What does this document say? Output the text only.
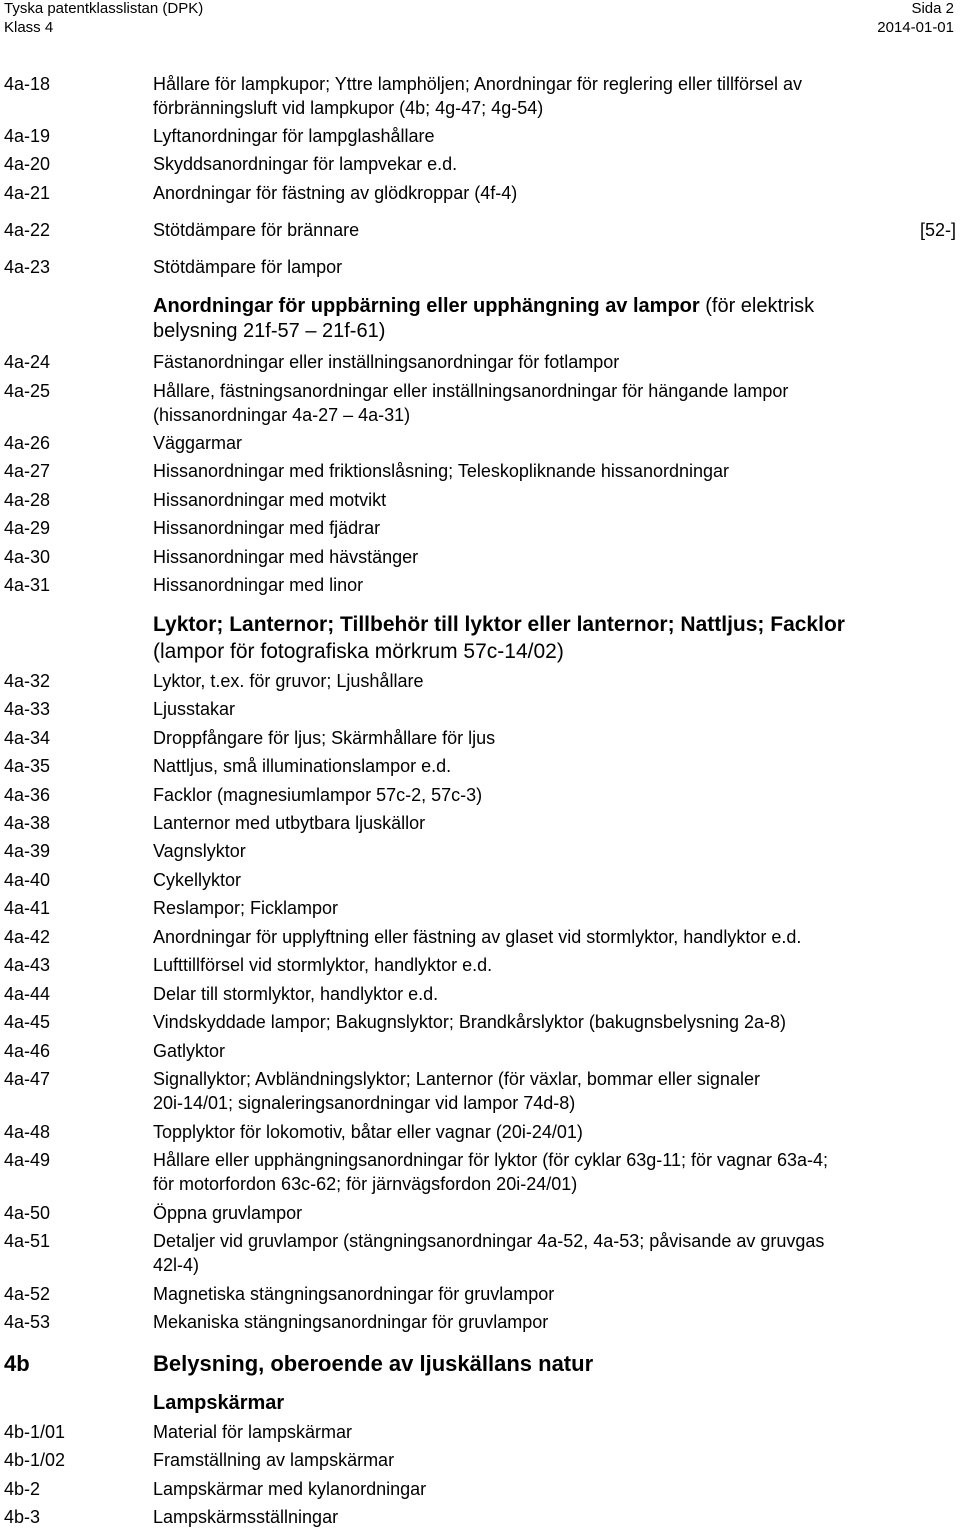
Tyska patentklasslistan (DPK)	Sida 2
Klass 4	2014-01-01
4a-18	Hållare för lampkupor; Yttre lamphöljen; Anordningar för reglering eller tillförsel av
förbränningsluft vid lampkupor (4b; 4g-47; 4g-54)
4a-19	Lyftanordningar för lampglashållare
4a-20	Skyddsanordningar för lampvekar e.d.
4a-21	Anordningar för fästning av glödkroppar (4f-4)
4a-22	Stötdämpare för brännare	[52-]
4a-23	Stötdämpare för lampor
Anordningar för uppbärning eller upphängning av lampor (för elektrisk
belysning 21f-57 – 21f-61)
4a-24	Fästanordningar eller inställningsanordningar för fotlampor
4a-25	Hållare, fästningsanordningar eller inställningsanordningar för hängande lampor
(hissanordningar 4a-27 – 4a-31)
4a-26	Väggarmar
4a-27	Hissanordningar med friktionslåsning; Teleskopliknande hissanordningar
4a-28	Hissanordningar med motvikt
4a-29	Hissanordningar med fjädrar
4a-30	Hissanordningar med hävstänger
4a-31	Hissanordningar med linor
Lyktor; Lanternor; Tillbehör till lyktor eller lanternor; Nattljus; Facklor
(lampor för fotografiska mörkrum 57c-14/02)
4a-32	Lyktor, t.ex. för gruvor; Ljushållare
4a-33	Ljusstakar
4a-34	Droppfångare för ljus; Skärmhållare för ljus
4a-35	Nattljus, små illuminationslampor e.d.
4a-36	Facklor (magnesiumlampor 57c-2, 57c-3)
4a-38	Lanternor med utbytbara ljuskällor
4a-39	Vagnslyktor
4a-40	Cykellyktor
4a-41	Reslampor; Ficklampor
4a-42	Anordningar för upplyftning eller fästning av glaset vid stormlyktor, handlyktor e.d.
4a-43	Lufttillförsel vid stormlyktor, handlyktor e.d.
4a-44	Delar till stormlyktor, handlyktor e.d.
4a-45	Vindskyddade lampor; Bakugnslyktor; Brandkårslyktor (bakugnsbelysning 2a-8)
4a-46	Gatlyktor
4a-47	Signallyktor; Avbländningslyktor; Lanternor (för växlar, bommar eller signaler
20i-14/01; signaleringsanordningar vid lampor 74d-8)
4a-48	Topplyktor för lokomotiv, båtar eller vagnar (20i-24/01)
4a-49	Hållare eller upphängningsanordningar för lyktor (för cyklar 63g-11; för vagnar 63a-4;
för motorfordon 63c-62; för järnvägsfordon 20i-24/01)
4a-50	Öppna gruvlampor
4a-51	Detaljer vid gruvlampor (stängningsanordningar 4a-52, 4a-53; påvisande av gruvgas
42l-4)
4a-52	Magnetiska stängningsanordningar för gruvlampor
4a-53	Mekaniska stängningsanordningar för gruvlampor
4b	Belysning, oberoende av ljuskällans natur
Lampskärmar
4b-1/01	Material för lampskärmar
4b-1/02	Framställning av lampskärmar
4b-2	Lampskärmar med kylanordningar
4b-3	Lampskärmsställningar
